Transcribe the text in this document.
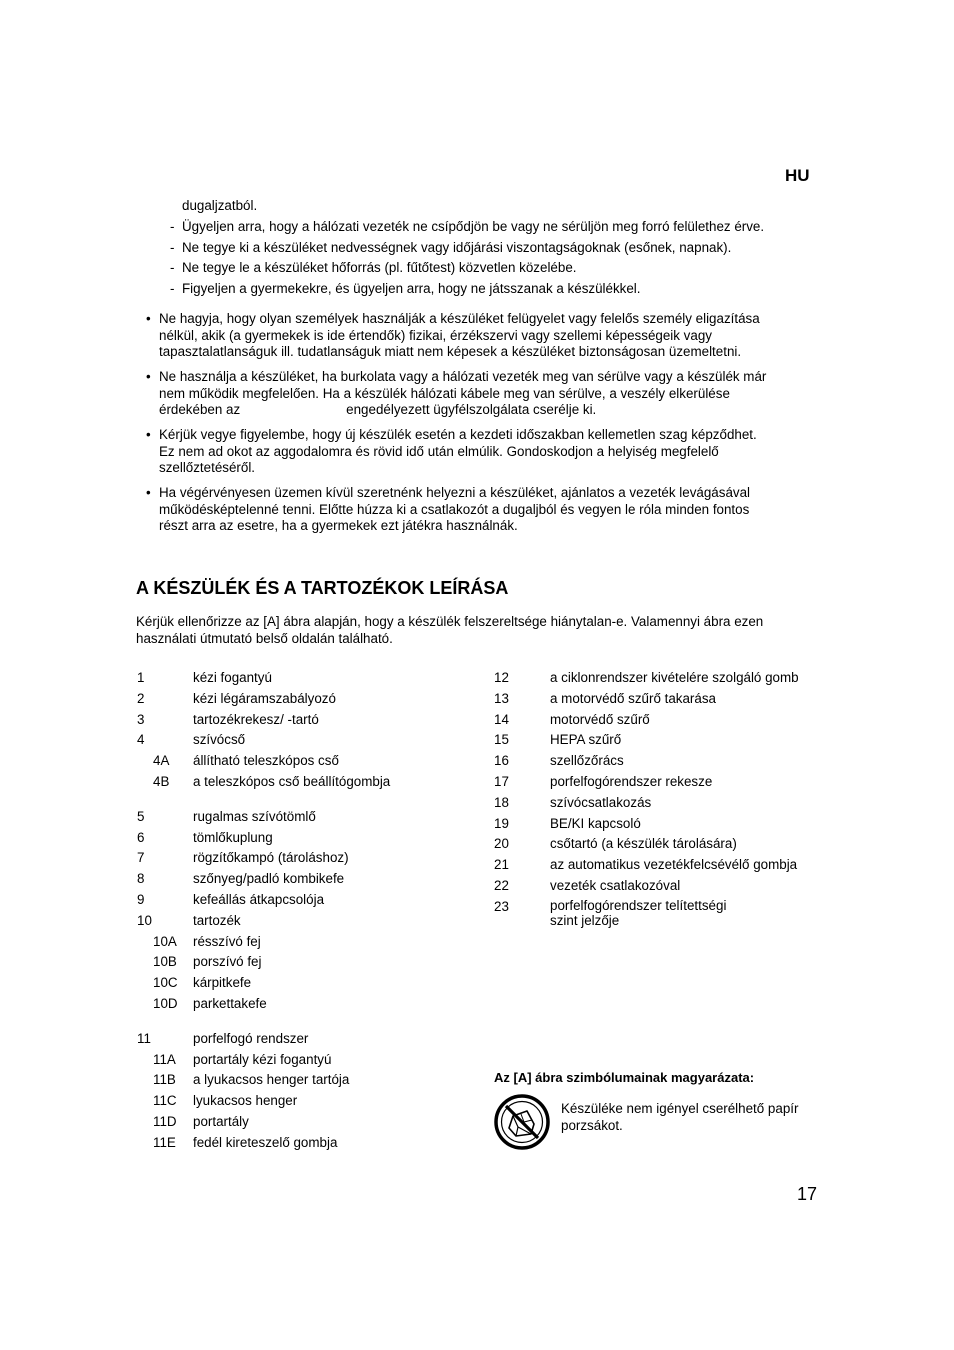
HU
dugaljzatból.
- Ügyeljen arra, hogy a hálózati vezeték ne csípődjön be vagy ne sérüljön meg forró felülethez érve.
- Ne tegye ki a készüléket nedvességnek vagy időjárási viszontagságoknak (esőnek, napnak).
- Ne tegye le a készüléket hőforrás (pl. fűtőtest) közvetlen közelébe.
- Figyeljen a gyermekekre, és ügyeljen arra, hogy ne játsszanak a készülékkel.
• Ne hagyja, hogy olyan személyek használják a készüléket felügyelet vagy felelős személy eligazítása
nélkül, akik (a gyermekek is ide értendők) fizikai, érzékszervi vagy szellemi képességeik vagy
tapasztalatlanságuk ill. tudatlanságuk miatt nem képesek a készüléket biztonságosan üzemeltetni.
• Ne használja a készüléket, ha burkolata vagy a hálózati vezeték meg van sérülve vagy a készülék már
nem működik megfelelően. Ha a készülék hálózati kábele meg van sérülve, a veszély elkerülése
érdekében az	engedélyezett ügyfélszolgálata cserélje ki.
• Kérjük vegye figyelembe, hogy új készülék esetén a kezdeti időszakban kellemetlen szag képződhet.
Ez nem ad okot az aggodalomra és rövid idő után elmúlik. Gondoskodjon a helyiség megfelelő
szellőztetéséről.
• Ha végérvényesen üzemen kívül szeretnénk helyezni a készüléket, ajánlatos a vezeték levágásával
működésképtelenné tenni. Előtte húzza ki a csatlakozót a dugaljból és vegyen le róla minden fontos
részt arra az esetre, ha a gyermekek ezt játékra használnák.
A KÉSZÜLÉK ÉS A TARTOZÉKOK LEÍRÁSA
Kérjük ellenőrizze az [A] ábra alapján, hogy a készülék felszereltsége hiánytalan-e. Valamennyi ábra ezen
használati útmutató belső oldalán található.
1	kézi fogantyú
2	kézi légáramszabályozó
3	tartozékrekesz/ -tartó
4	szívócső
4A állítható teleszkópos cső
4B a teleszkópos cső beállítógombja
5	rugalmas szívótömlő
6	tömlőkuplung
7	rögzítőkampó (tároláshoz)
8	szőnyeg/padló kombikefe
9	kefeállás átkapcsolója
10	tartozék
10A résszívó fej
10B porszívó fej
10C kárpitkefe
10D parkettakefe
11	porfelfogó rendszer
11A portartály kézi fogantyú
11B a lyukacsos henger tartója
11C lyukacsos henger
11D portartály
11E fedél kireteszelő gombja
12	a ciklonrendszer kivételére szolgáló gomb
13	a motorvédő szűrő takarása
14	motorvédő szűrő
15	HEPA szűrő
16	szellőzőrács
17	porfelfogórendszer rekesze
18	szívócsatlakozás
19	BE/KI kapcsoló
20	csőtartó (a készülék tárolására)
21	az automatikus vezetékfelcsévélő gombja
22	vezeték csatlakozóval
23	porfelfogórendszer telítettségi
szint jelzője
Az [A] ábra szimbólumainak magyarázata:
Készüléke nem igényel cserélhető papír
porzsákot.
17
